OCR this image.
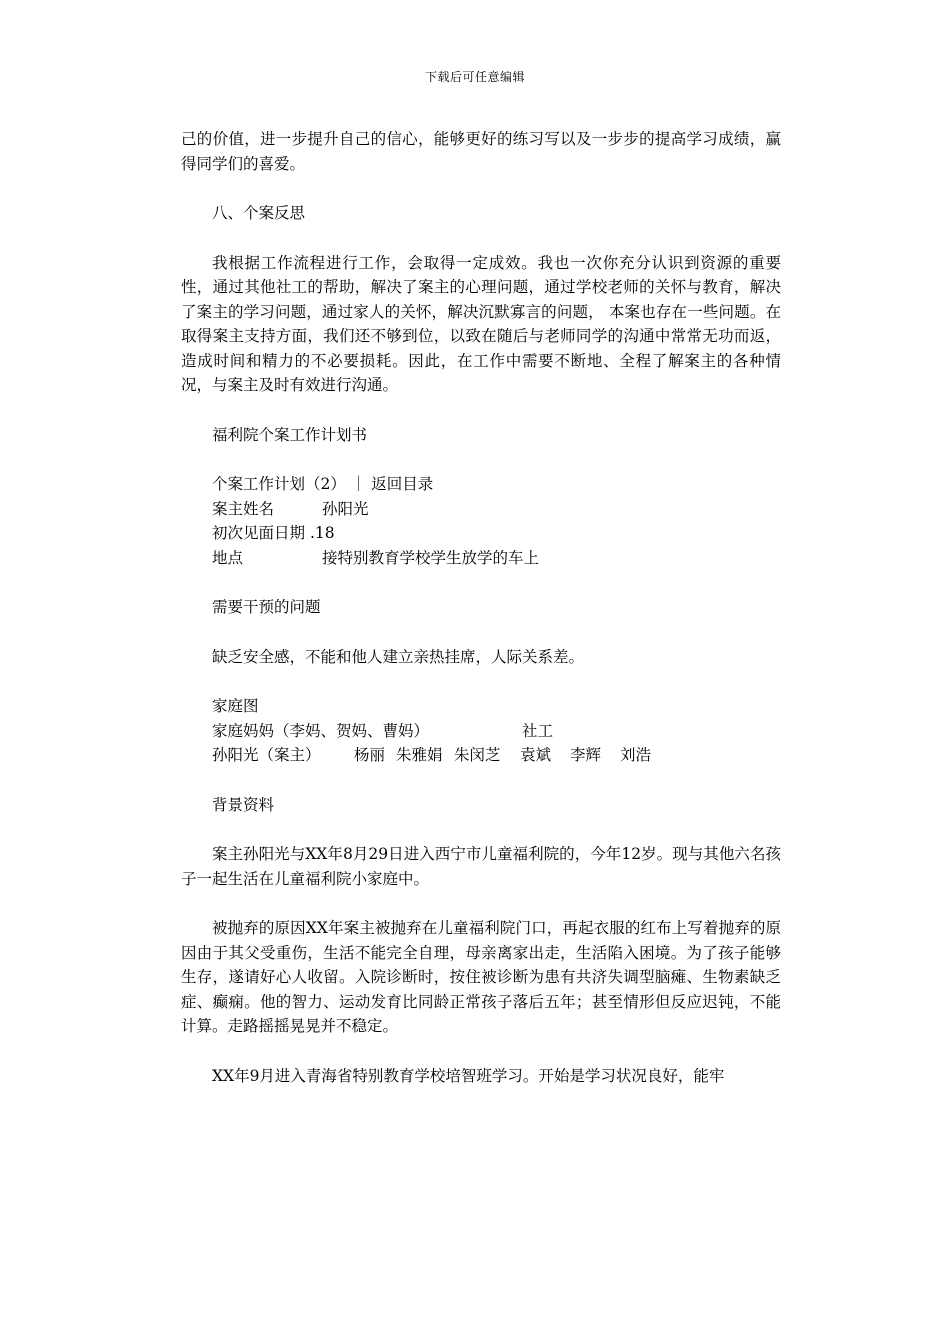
下载后可任意编辑

己的价值，进一步提升自己的信心，能够更好的练习写以及一步步的提高学习成绩，赢得同学们的喜爱。

八、个案反思

我根据工作流程进行工作，会取得一定成效。我也一次你充分认识到资源的重要性，通过其他社工的帮助，解决了案主的心理问题，通过学校老师的关怀与教育，解决了案主的学习问题，通过家人的关怀，解决沉默寡言的问题， 本案也存在一些问题。在取得案主支持方面，我们还不够到位，以致在随后与老师同学的沟通中常常无功而返，造成时间和精力的不必要损耗。因此，在工作中需要不断地、全程了解案主的各种情况，与案主及时有效进行沟通。

福利院个案工作计划书

个案工作计划（2） ｜ 返回目录

案主姓名	孙阳光

初次见面日期 .18

地点	接特别教育学校学生放学的车上

需要干预的问题

缺乏安全感，不能和他人建立亲热挂席，人际关系差。

家庭图

家庭妈妈（李妈、贺妈、曹妈）	社工

孙阳光（案主） 杨丽 朱雅娟 朱闵芝 袁斌 李辉 刘浩

背景资料

案主孙阳光与XX年8月29日进入西宁市儿童福利院的，今年12岁。现与其他六名孩子一起生活在儿童福利院小家庭中。

被抛弃的原因XX年案主被抛弃在儿童福利院门口，再起衣服的红布上写着抛弃的原因由于其父受重伤，生活不能完全自理，母亲离家出走，生活陷入困境。为了孩子能够生存，遂请好心人收留。入院诊断时，按住被诊断为患有共济失调型脑瘫、生物素缺乏症、癫痫。他的智力、运动发育比同龄正常孩子落后五年；甚至情形但反应迟钝，不能计算。走路摇摇晃晃并不稳定。

XX年9月进入青海省特别教育学校培智班学习。开始是学习状况良好，能牢
